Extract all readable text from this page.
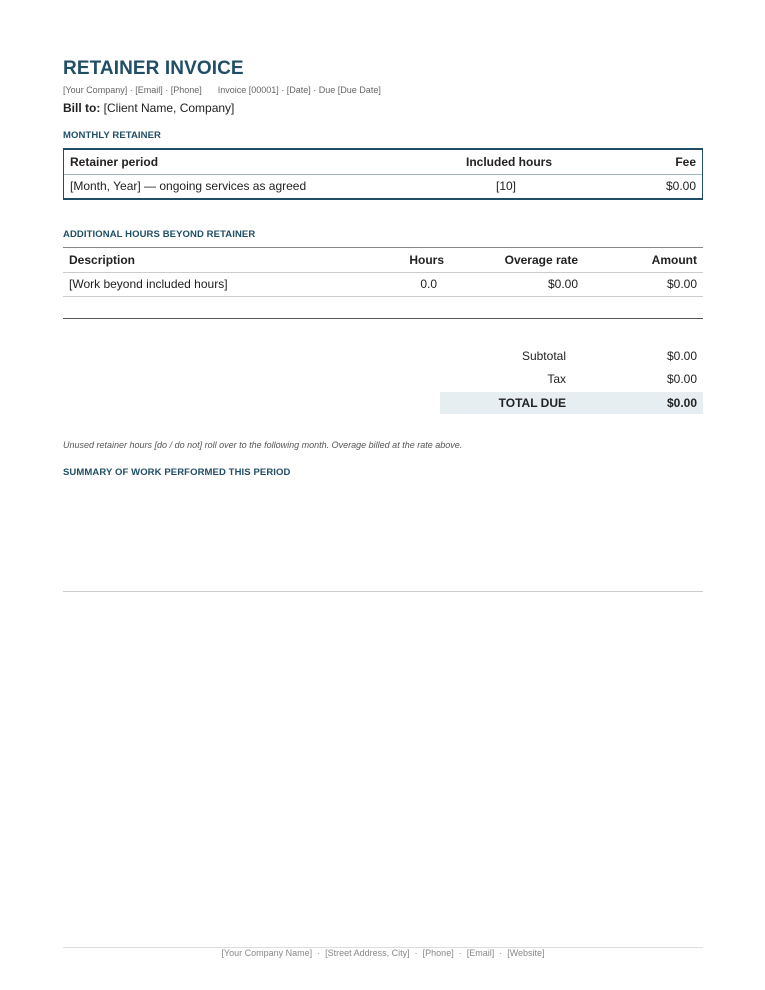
RETAINER INVOICE
[Your Company] · [Email] · [Phone] Invoice [00001] · [Date] · Due [Due Date]
Bill to: [Client Name, Company]
MONTHLY RETAINER
Retainer period	Included hours	Fee
[Month, Year] — ongoing services as agreed	[10]	$0.00
ADDITIONAL HOURS BEYOND RETAINER
Description	Hours	Overage rate	Amount
[Work beyond included hours]	0.0	$0.00	$0.00
Subtotal	$0.00
Tax	$0.00
TOTAL DUE	$0.00
Unused retainer hours [do / do not] roll over to the following month. Overage billed at the rate above.
SUMMARY OF WORK PERFORMED THIS PERIOD
[Your Company Name] · [Street Address, City] · [Phone] · [Email] · [Website]
